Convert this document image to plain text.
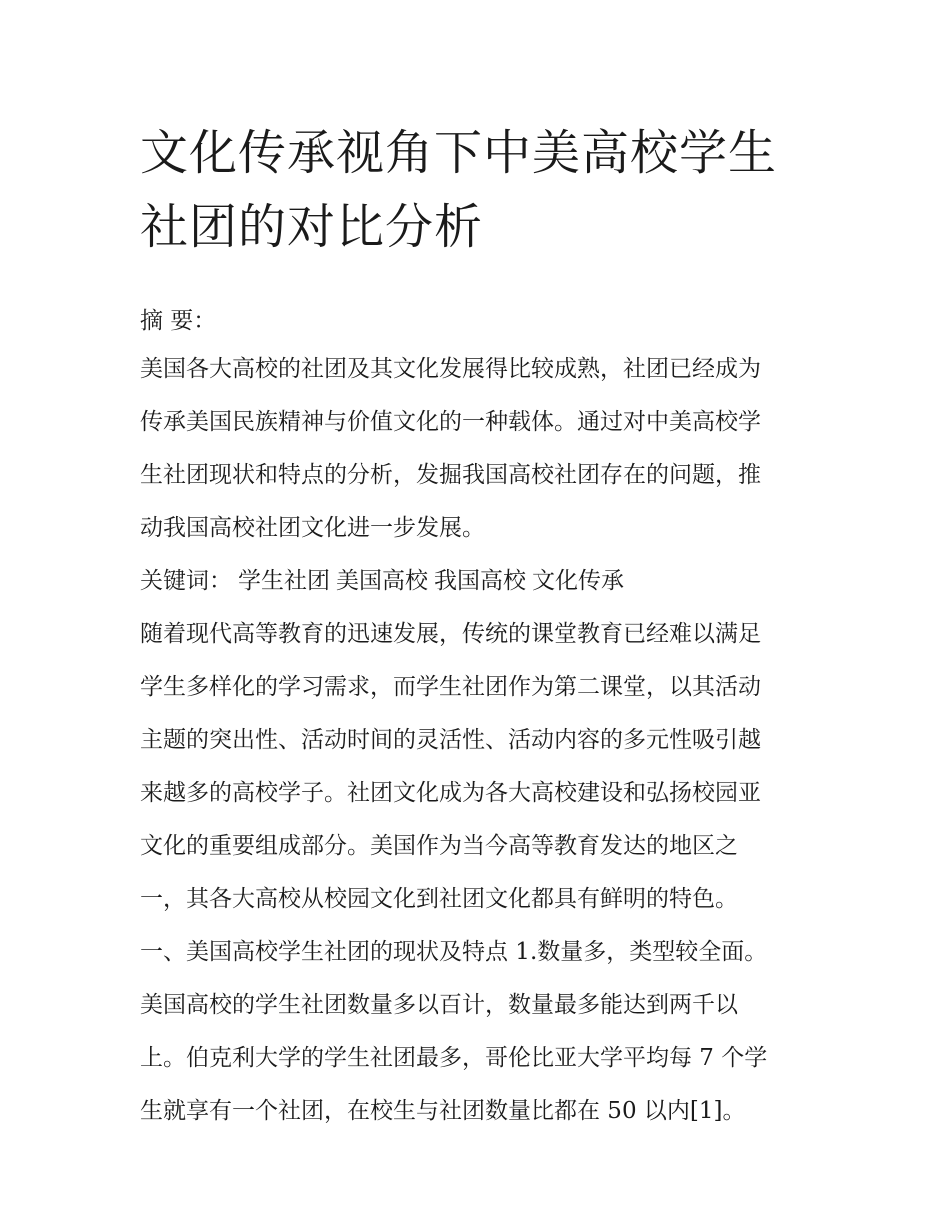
文化传承视角下中美高校学生
社团的对比分析

摘 要：

美国各大高校的社团及其文化发展得比较成熟，社团已经成为

传承美国民族精神与价值文化的一种载体。通过对中美高校学

生社团现状和特点的分析，发掘我国高校社团存在的问题，推

动我国高校社团文化进一步发展。

关键词： 学生社团 美国高校 我国高校 文化传承

随着现代高等教育的迅速发展，传统的课堂教育已经难以满足

学生多样化的学习需求，而学生社团作为第二课堂，以其活动

主题的突出性、活动时间的灵活性、活动内容的多元性吸引越

来越多的高校学子。社团文化成为各大高校建设和弘扬校园亚

文化的重要组成部分。美国作为当今高等教育发达的地区之

一，其各大高校从校园文化到社团文化都具有鲜明的特色。

一、美国高校学生社团的现状及特点 1.数量多，类型较全面。

美国高校的学生社团数量多以百计，数量最多能达到两千以

上。伯克利大学的学生社团最多，哥伦比亚大学平均每 7 个学

生就享有一个社团，在校生与社团数量比都在 50 以内[1]。
